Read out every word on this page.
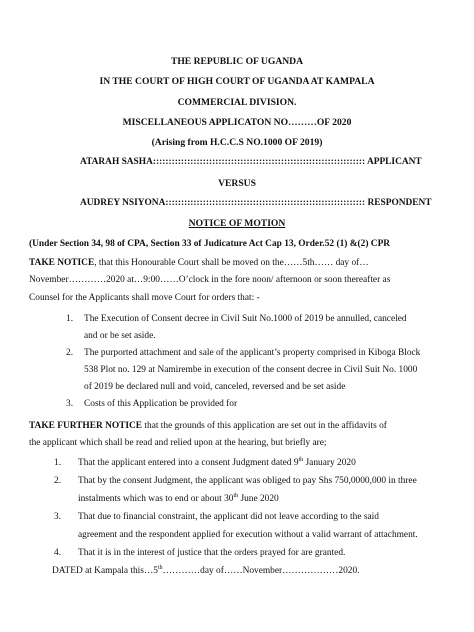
THE REPUBLIC OF UGANDA
IN THE COURT OF HIGH COURT OF UGANDA AT KAMPALA
COMMERCIAL DIVISION.
MISCELLANEOUS APPLICATON NO………OF 2020
(Arising from H.C.C.S NO.1000 OF 2019)
ATARAH SASHA:::::::::::::::::::::::::::::::::::::::::::::::::::::::::::::::::::: APPLICANT
VERSUS
AUDREY NSIYONA:::::::::::::::::::::::::::::::::::::::::::::::::::::::::::::::: RESPONDENT
NOTICE OF MOTION
(Under Section 34, 98 of CPA, Section 33 of Judicature Act Cap 13, Order.52 (1) &(2) CPR
TAKE NOTICE, that this Honourable Court shall be moved on the……5th…… day of…
November…………2020 at…9:00……O’clock in the fore noon/ afternoon or soon thereafter as
Counsel for the Applicants shall move Court for orders that: -
1. The Execution of Consent decree in Civil Suit No.1000 of 2019 be annulled, canceled
and or be set aside.
2. The purported attachment and sale of the applicant’s property comprised in Kiboga Block
538 Plot no. 129 at Namirembe in execution of the consent decree in Civil Suit No. 1000
of 2019 be declared null and void, canceled, reversed and be set aside
3. Costs of this Application be provided for
TAKE FURTHER NOTICE that the grounds of this application are set out in the affidavits of
the applicant which shall be read and relied upon at the hearing, but briefly are;
1. That the applicant entered into a consent Judgment dated 9th January 2020
2. That by the consent Judgment, the applicant was obliged to pay Shs 750,0000,000 in three
instalments which was to end or about 30th June 2020
3. That due to financial constraint, the applicant did not leave according to the said
agreement and the respondent applied for execution without a valid warrant of attachment.
4. That it is in the interest of justice that the orders prayed for are granted.
DATED at Kampala this…5th…………day of……November………………2020.
